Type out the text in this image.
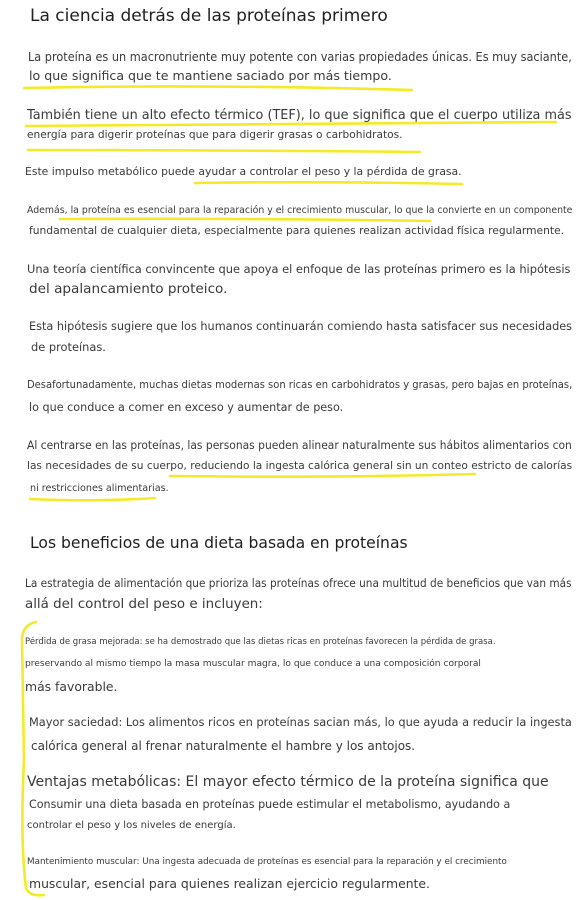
La ciencia detrás de las proteínas primero
La proteína es un macronutriente muy potente con varias propiedades únicas. Es muy saciante,
lo que significa que te mantiene saciado por más tiempo.
También tiene un alto efecto térmico (TEF), lo que significa que el cuerpo utiliza más
energía para digerir proteínas que para digerir grasas o carbohidratos.
Este impulso metabólico puede ayudar a controlar el peso y la pérdida de grasa.
Además, la proteína es esencial para la reparación y el crecimiento muscular, lo que la convierte en un componente
fundamental de cualquier dieta, especialmente para quienes realizan actividad física regularmente.
Una teoría científica convincente que apoya el enfoque de las proteínas primero es la hipótesis
del apalancamiento proteico.
Esta hipótesis sugiere que los humanos continuarán comiendo hasta satisfacer sus necesidades
de proteínas.
Desafortunadamente, muchas dietas modernas son ricas en carbohidratos y grasas, pero bajas en proteínas,
lo que conduce a comer en exceso y aumentar de peso.
Al centrarse en las proteínas, las personas pueden alinear naturalmente sus hábitos alimentarios con
las necesidades de su cuerpo, reduciendo la ingesta calórica general sin un conteo estricto de calorías
ni restricciones alimentarias.
Los beneficios de una dieta basada en proteínas
La estrategia de alimentación que prioriza las proteínas ofrece una multitud de beneficios que van más
allá del control del peso e incluyen:
Pérdida de grasa mejorada: se ha demostrado que las dietas ricas en proteínas favorecen la pérdida de grasa.
preservando al mismo tiempo la masa muscular magra, lo que conduce a una composición corporal
más favorable.
Mayor saciedad: Los alimentos ricos en proteínas sacian más, lo que ayuda a reducir la ingesta
calórica general al frenar naturalmente el hambre y los antojos.
Ventajas metabólicas: El mayor efecto térmico de la proteína significa que
Consumir una dieta basada en proteínas puede estimular el metabolismo, ayudando a
controlar el peso y los niveles de energía.
Mantenimiento muscular: Una ingesta adecuada de proteínas es esencial para la reparación y el crecimiento
muscular, esencial para quienes realizan ejercicio regularmente.
